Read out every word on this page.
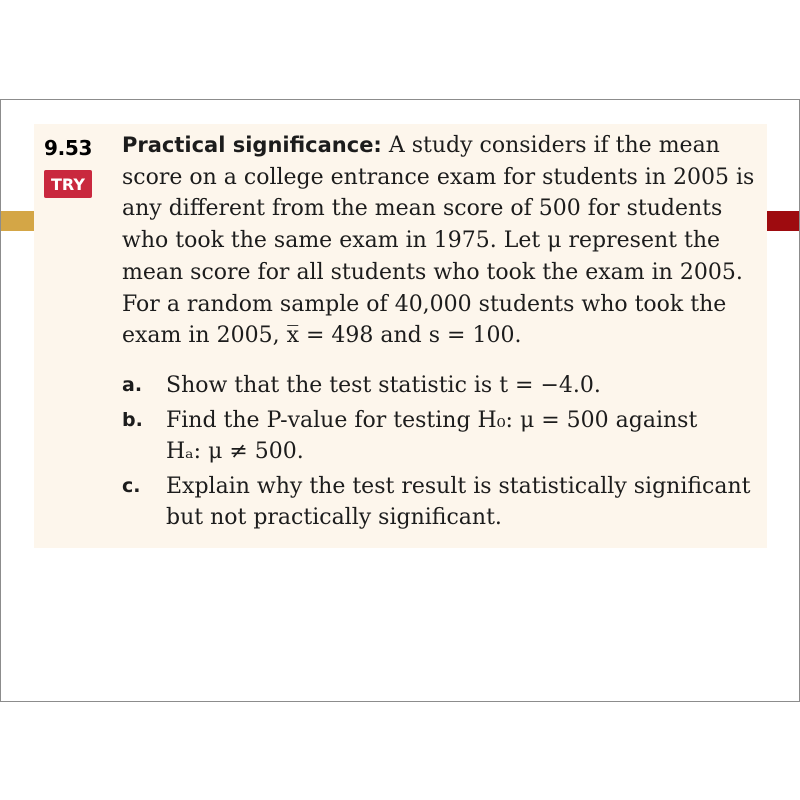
9.53
TRY
Practical significance: A study considers if the mean
score on a college entrance exam for students in 2005 is
any different from the mean score of 500 for students
who took the same exam in 1975. Let μ represent the
mean score for all students who took the exam in 2005.
For a random sample of 40,000 students who took the
exam in 2005, x̅ = 498 and s = 100.
a.	Show that the test statistic is t = −4.0.
b.	Find the P-value for testing H₀: μ = 500 against
Hₐ: μ ≠ 500.
c.	Explain why the test result is statistically significant
but not practically significant.
